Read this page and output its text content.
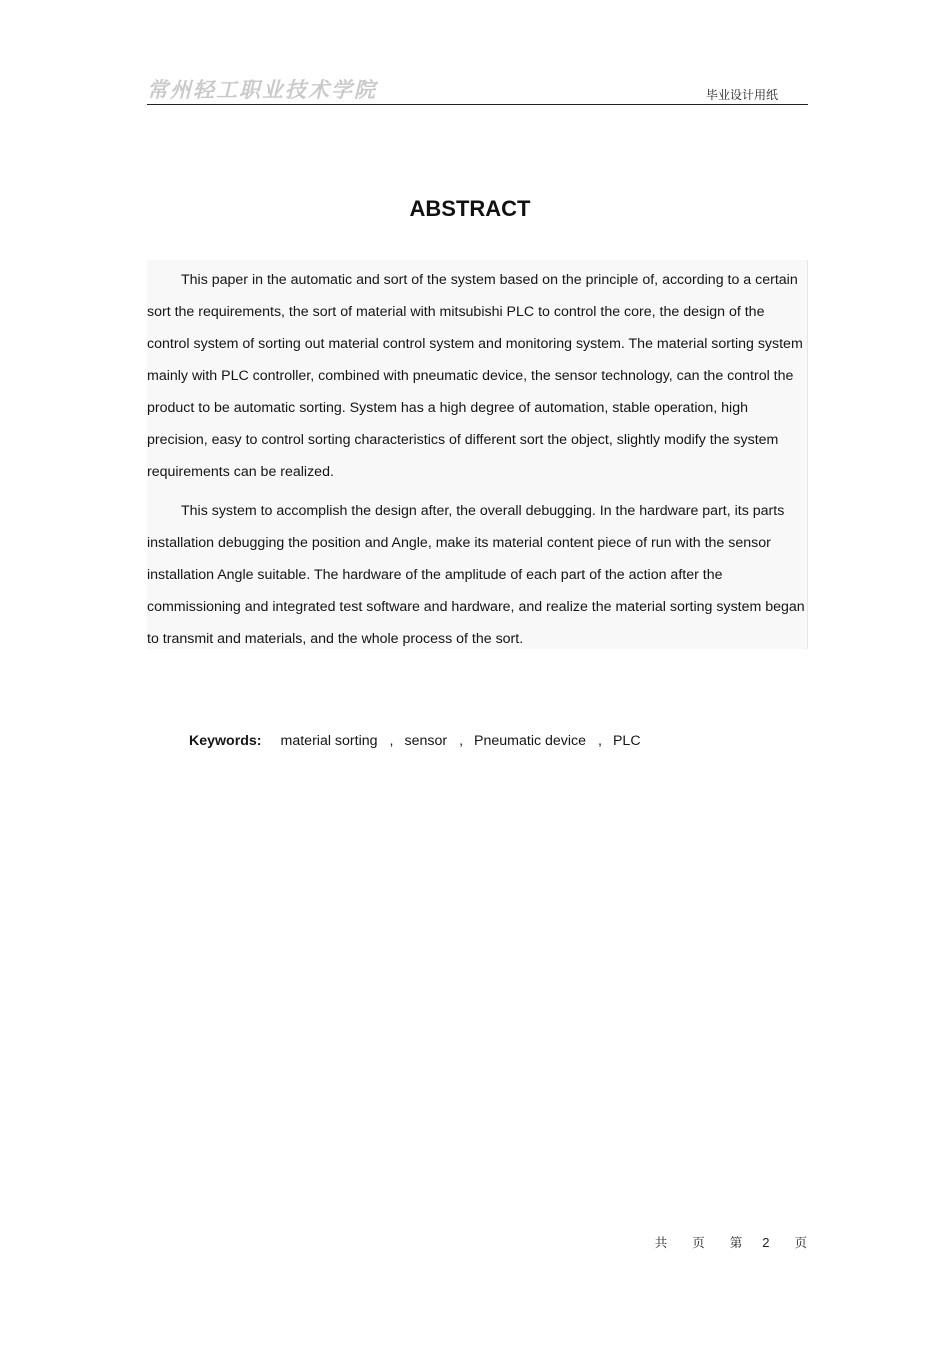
常州轻工职业技术学院	毕业设计用纸
ABSTRACT

This paper in the automatic and sort of the system based on the principle of, according to a certain sort the requirements, the sort of material with mitsubishi PLC to control the core, the design of the control system of sorting out material control system and monitoring system. The material sorting system mainly with PLC controller, combined with pneumatic device, the sensor technology, can the control the product to be automatic sorting. System has a high degree of automation, stable operation, high precision, easy to control sorting characteristics of different sort the object, slightly modify the system requirements can be realized.

This system to accomplish the design after, the overall debugging. In the hardware part, its parts installation debugging the position and Angle, make its material content piece of run with the sensor installation Angle suitable. The hardware of the amplitude of each part of the action after the commissioning and integrated test software and hardware, and realize the material sorting system began to transmit and materials, and the whole process of the sort.

Keywords: material sorting , sensor , Pneumatic device , PLC
共 页 第 2 页
